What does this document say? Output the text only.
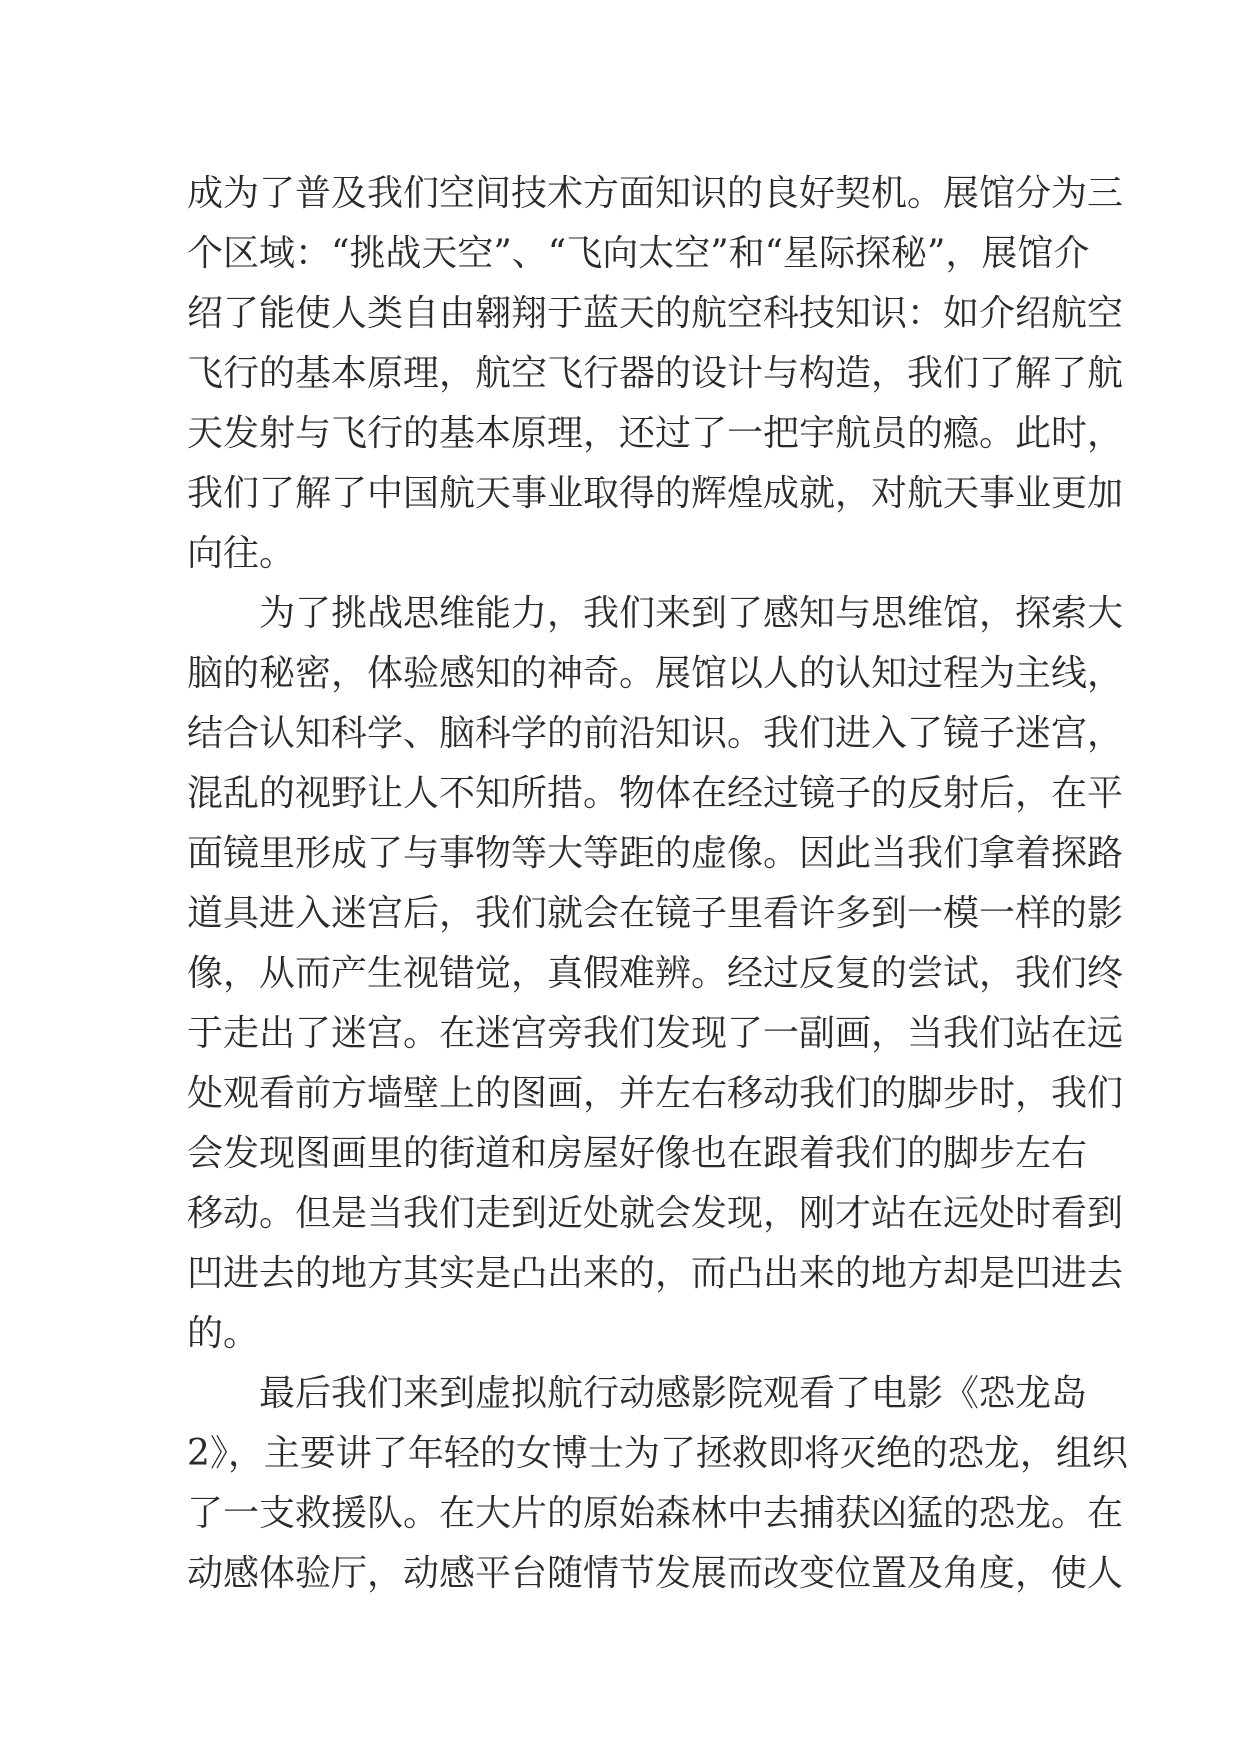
成为了普及我们空间技术方面知识的良好契机。展馆分为三
个区域：“挑战天空”、“飞向太空”和“星际探秘”，展馆介
绍了能使人类自由翱翔于蓝天的航空科技知识：如介绍航空
飞行的基本原理，航空飞行器的设计与构造，我们了解了航
天发射与飞行的基本原理，还过了一把宇航员的瘾。此时，
我们了解了中国航天事业取得的辉煌成就，对航天事业更加
向往。
为了挑战思维能力，我们来到了感知与思维馆，探索大
脑的秘密，体验感知的神奇。展馆以人的认知过程为主线，
结合认知科学、脑科学的前沿知识。我们进入了镜子迷宫，
混乱的视野让人不知所措。物体在经过镜子的反射后，在平
面镜里形成了与事物等大等距的虚像。因此当我们拿着探路
道具进入迷宫后，我们就会在镜子里看许多到一模一样的影
像，从而产生视错觉，真假难辨。经过反复的尝试，我们终
于走出了迷宫。在迷宫旁我们发现了一副画，当我们站在远
处观看前方墙壁上的图画，并左右移动我们的脚步时，我们
会发现图画里的街道和房屋好像也在跟着我们的脚步左右
移动。但是当我们走到近处就会发现，刚才站在远处时看到
凹进去的地方其实是凸出来的，而凸出来的地方却是凹进去
的。
最后我们来到虚拟航行动感影院观看了电影《恐龙岛
2》，主要讲了年轻的女博士为了拯救即将灭绝的恐龙，组织
了一支救援队。在大片的原始森林中去捕获凶猛的恐龙。在
动感体验厅，动感平台随情节发展而改变位置及角度，使人
